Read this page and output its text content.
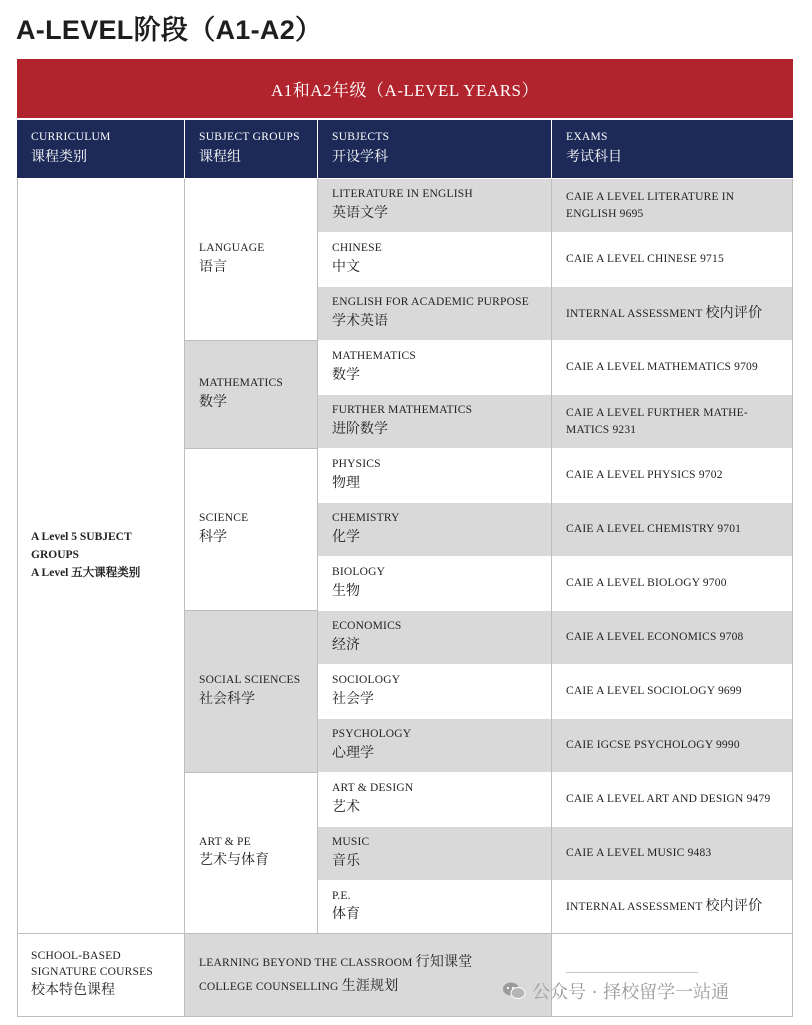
A-LEVEL阶段（A1-A2）
A1和A2年级（A-LEVEL YEARS）
CURRICULUM
课程类别
SUBJECT GROUPS
课程组
SUBJECTS
开设学科
EXAMS
考试科目
A Level 5 SUBJECT
GROUPS
A Level 五大课程类别
LANGUAGE
语言
MATHEMATICS
数学
SCIENCE
科学
SOCIAL SCIENCES
社会科学
ART & PE
艺术与体育
LITERATURE IN ENGLISH
英语文学
CAIE A LEVEL LITERATURE IN
ENGLISH 9695
CHINESE
中文
CAIE A LEVEL CHINESE 9715
ENGLISH FOR ACADEMIC PURPOSE
学术英语
INTERNAL ASSESSMENT 校内评价
MATHEMATICS
数学
CAIE A LEVEL MATHEMATICS 9709
FURTHER MATHEMATICS
进阶数学
CAIE A LEVEL FURTHER MATHE-
MATICS 9231
PHYSICS
物理
CAIE A LEVEL PHYSICS 9702
CHEMISTRY
化学
CAIE A LEVEL CHEMISTRY 9701
BIOLOGY
生物
CAIE A LEVEL BIOLOGY 9700
ECONOMICS
经济
CAIE A LEVEL ECONOMICS 9708
SOCIOLOGY
社会学
CAIE A LEVEL SOCIOLOGY 9699
PSYCHOLOGY
心理学
CAIE IGCSE PSYCHOLOGY 9990
ART & DESIGN
艺术
CAIE A LEVEL ART AND DESIGN 9479
MUSIC
音乐
CAIE A LEVEL MUSIC 9483
P.E.
体育
INTERNAL ASSESSMENT 校内评价
SCHOOL-BASED
SIGNATURE COURSES
校本特色课程
LEARNING BEYOND THE CLASSROOM 行知课堂
COLLEGE COUNSELLING 生涯规划	公众号 · 择校留学一站通
